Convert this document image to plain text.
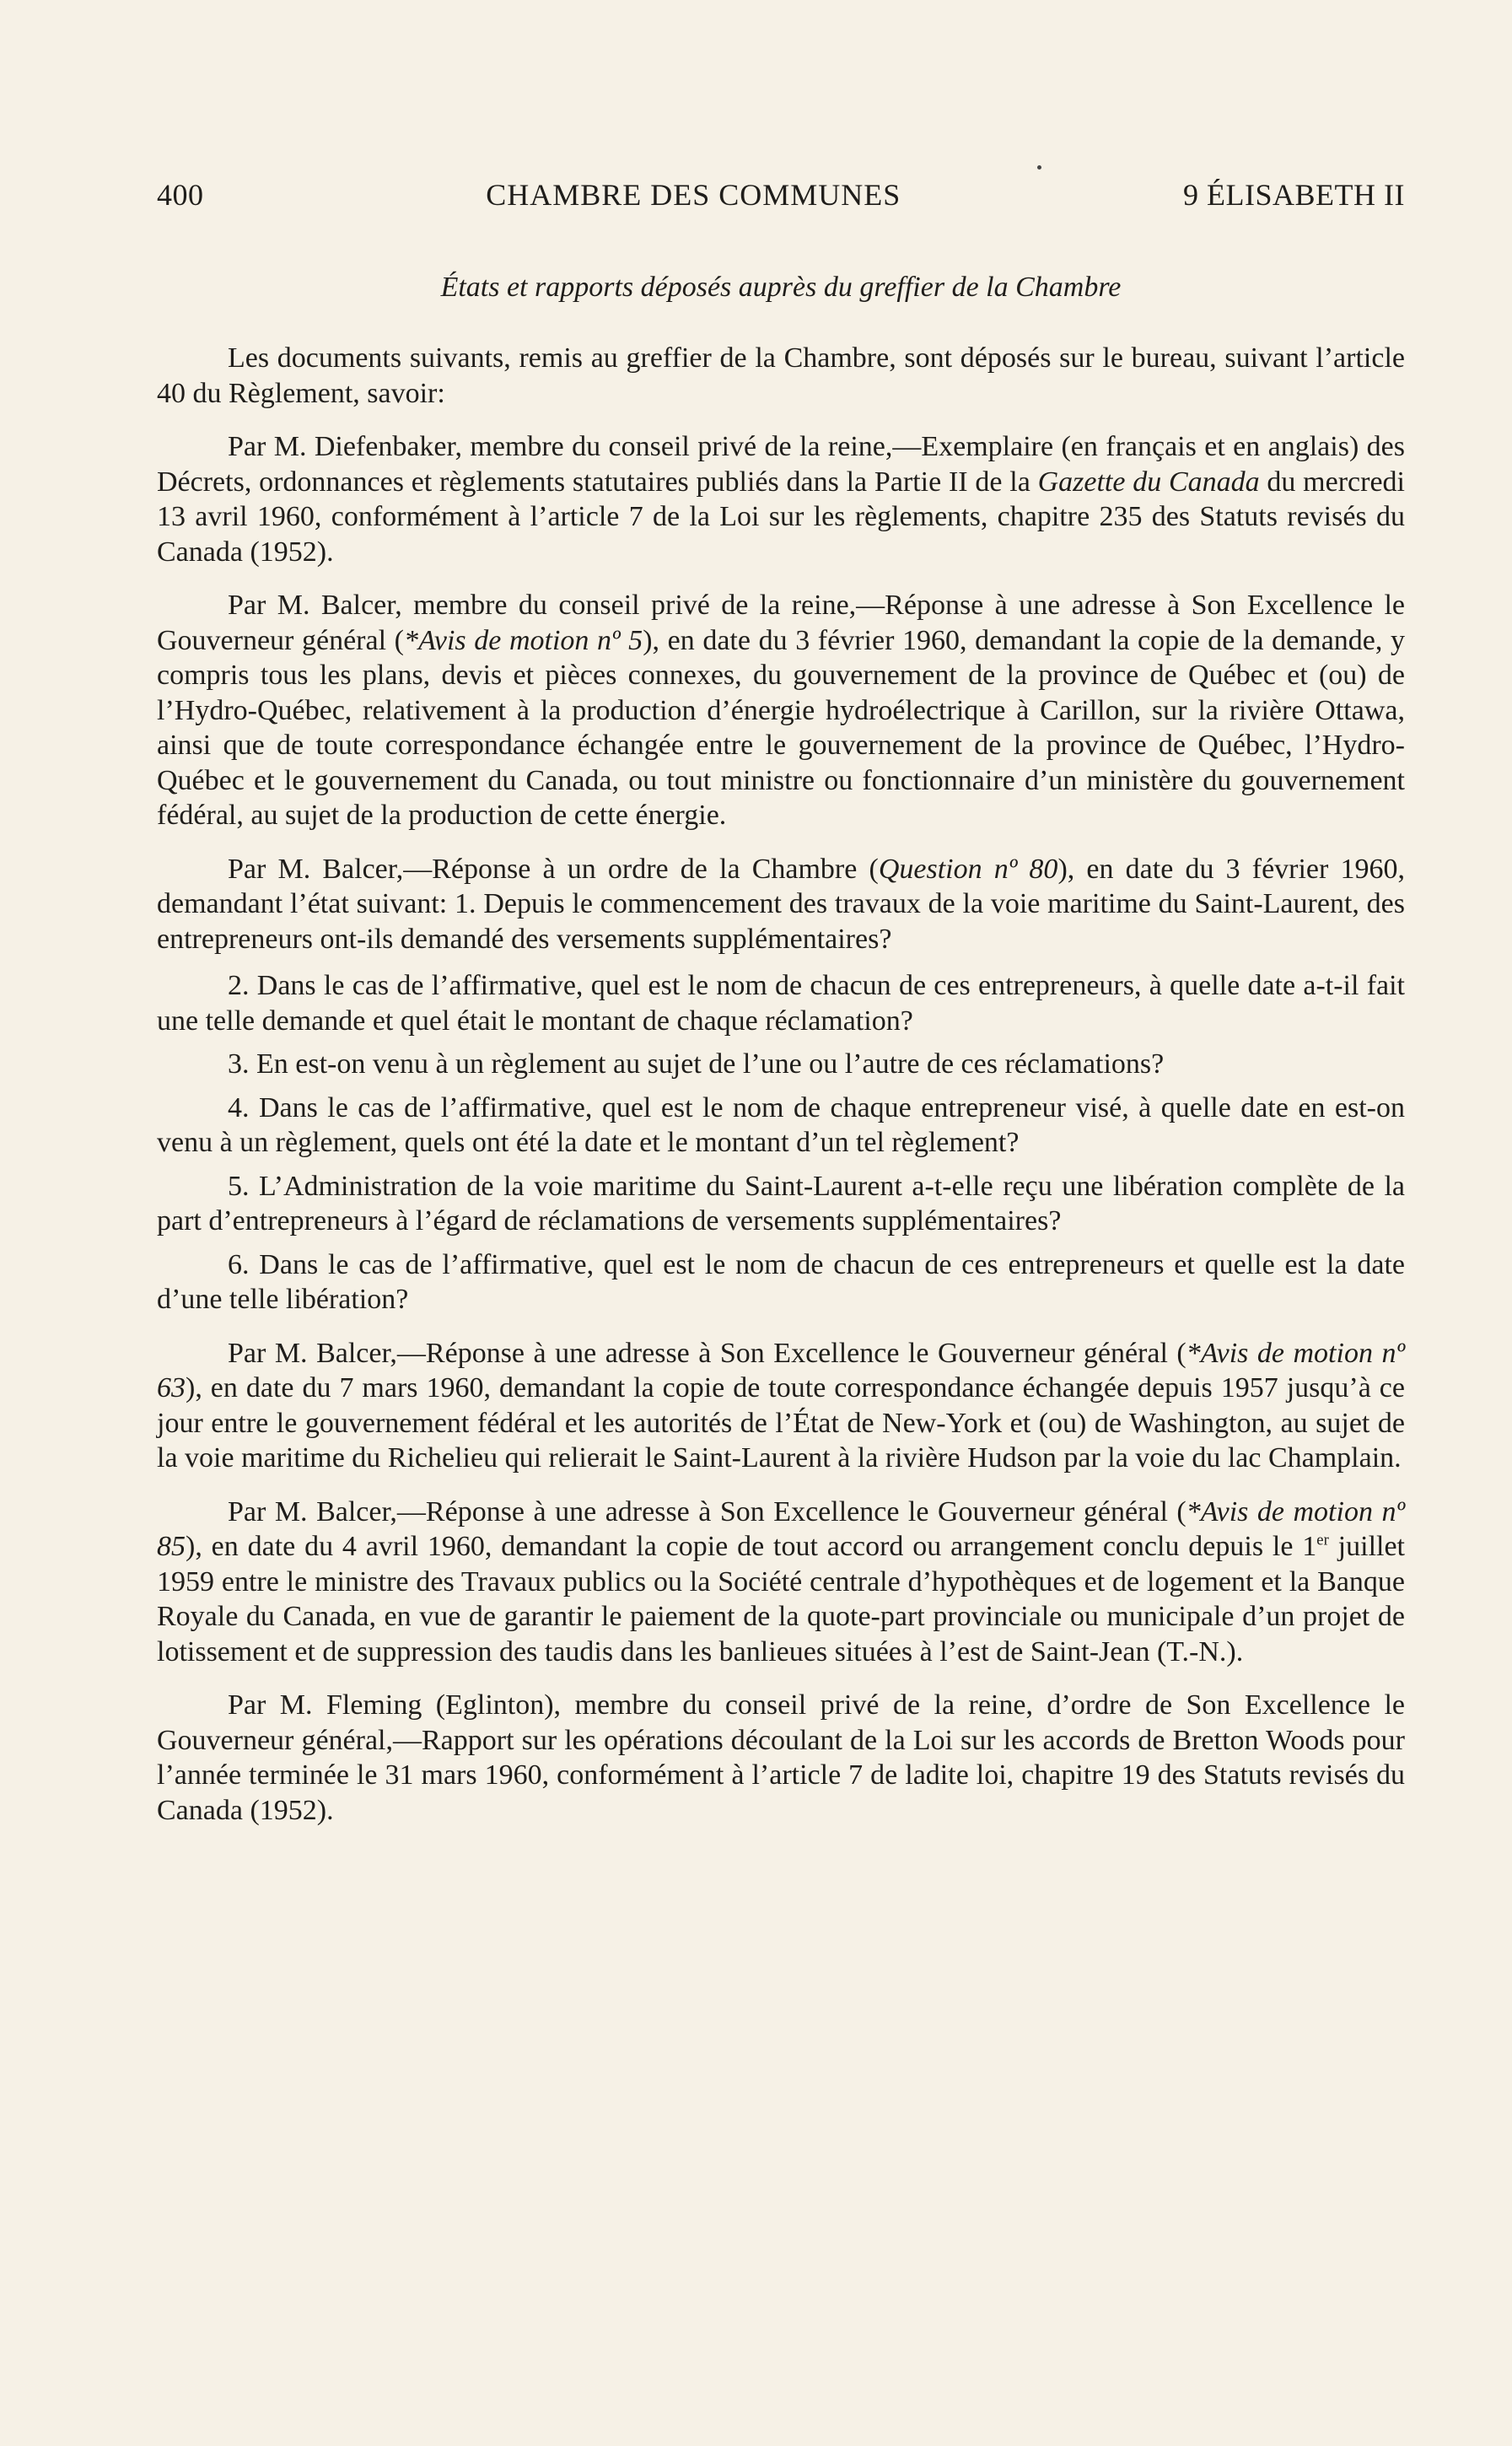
400	CHAMBRE DES COMMUNES	9 ÉLISABETH II
États et rapports déposés auprès du greffier de la Chambre

Les documents suivants, remis au greffier de la Chambre, sont déposés sur le bureau, suivant l’article 40 du Règlement, savoir:

Par M. Diefenbaker, membre du conseil privé de la reine,—Exemplaire (en français et en anglais) des Décrets, ordonnances et règlements statutaires publiés dans la Partie II de la Gazette du Canada du mercredi 13 avril 1960, conformément à l’article 7 de la Loi sur les règlements, chapitre 235 des Statuts revisés du Canada (1952).

Par M. Balcer, membre du conseil privé de la reine,—Réponse à une adresse à Son Excellence le Gouverneur général (*Avis de motion nº 5), en date du 3 février 1960, demandant la copie de la demande, y compris tous les plans, devis et pièces connexes, du gouvernement de la province de Québec et (ou) de l’Hydro-Québec, relativement à la production d’énergie hydroélectrique à Carillon, sur la rivière Ottawa, ainsi que de toute correspondance échangée entre le gouvernement de la province de Québec, l’Hydro-Québec et le gouvernement du Canada, ou tout ministre ou fonctionnaire d’un ministère du gouvernement fédéral, au sujet de la production de cette énergie.

Par M. Balcer,—Réponse à un ordre de la Chambre (Question nº 80), en date du 3 février 1960, demandant l’état suivant: 1. Depuis le commencement des travaux de la voie maritime du Saint-Laurent, des entrepreneurs ont-ils demandé des versements supplémentaires?

2. Dans le cas de l’affirmative, quel est le nom de chacun de ces entrepreneurs, à quelle date a-t-il fait une telle demande et quel était le montant de chaque réclamation?

3. En est-on venu à un règlement au sujet de l’une ou l’autre de ces réclamations?

4. Dans le cas de l’affirmative, quel est le nom de chaque entrepreneur visé, à quelle date en est-on venu à un règlement, quels ont été la date et le montant d’un tel règlement?

5. L’Administration de la voie maritime du Saint-Laurent a-t-elle reçu une libération complète de la part d’entrepreneurs à l’égard de réclamations de versements supplémentaires?

6. Dans le cas de l’affirmative, quel est le nom de chacun de ces entrepreneurs et quelle est la date d’une telle libération?

Par M. Balcer,—Réponse à une adresse à Son Excellence le Gouverneur général (*Avis de motion nº 63), en date du 7 mars 1960, demandant la copie de toute correspondance échangée depuis 1957 jusqu’à ce jour entre le gouvernement fédéral et les autorités de l’État de New-York et (ou) de Washington, au sujet de la voie maritime du Richelieu qui relierait le Saint-Laurent à la rivière Hudson par la voie du lac Champlain.

Par M. Balcer,—Réponse à une adresse à Son Excellence le Gouverneur général (*Avis de motion nº 85), en date du 4 avril 1960, demandant la copie de tout accord ou arrangement conclu depuis le 1er juillet 1959 entre le ministre des Travaux publics ou la Société centrale d’hypothèques et de logement et la Banque Royale du Canada, en vue de garantir le paiement de la quote-part provinciale ou municipale d’un projet de lotissement et de suppression des taudis dans les banlieues situées à l’est de Saint-Jean (T.-N.).

Par M. Fleming (Eglinton), membre du conseil privé de la reine, d’ordre de Son Excellence le Gouverneur général,—Rapport sur les opérations découlant de la Loi sur les accords de Bretton Woods pour l’année terminée le 31 mars 1960, conformément à l’article 7 de ladite loi, chapitre 19 des Statuts revisés du Canada (1952).
